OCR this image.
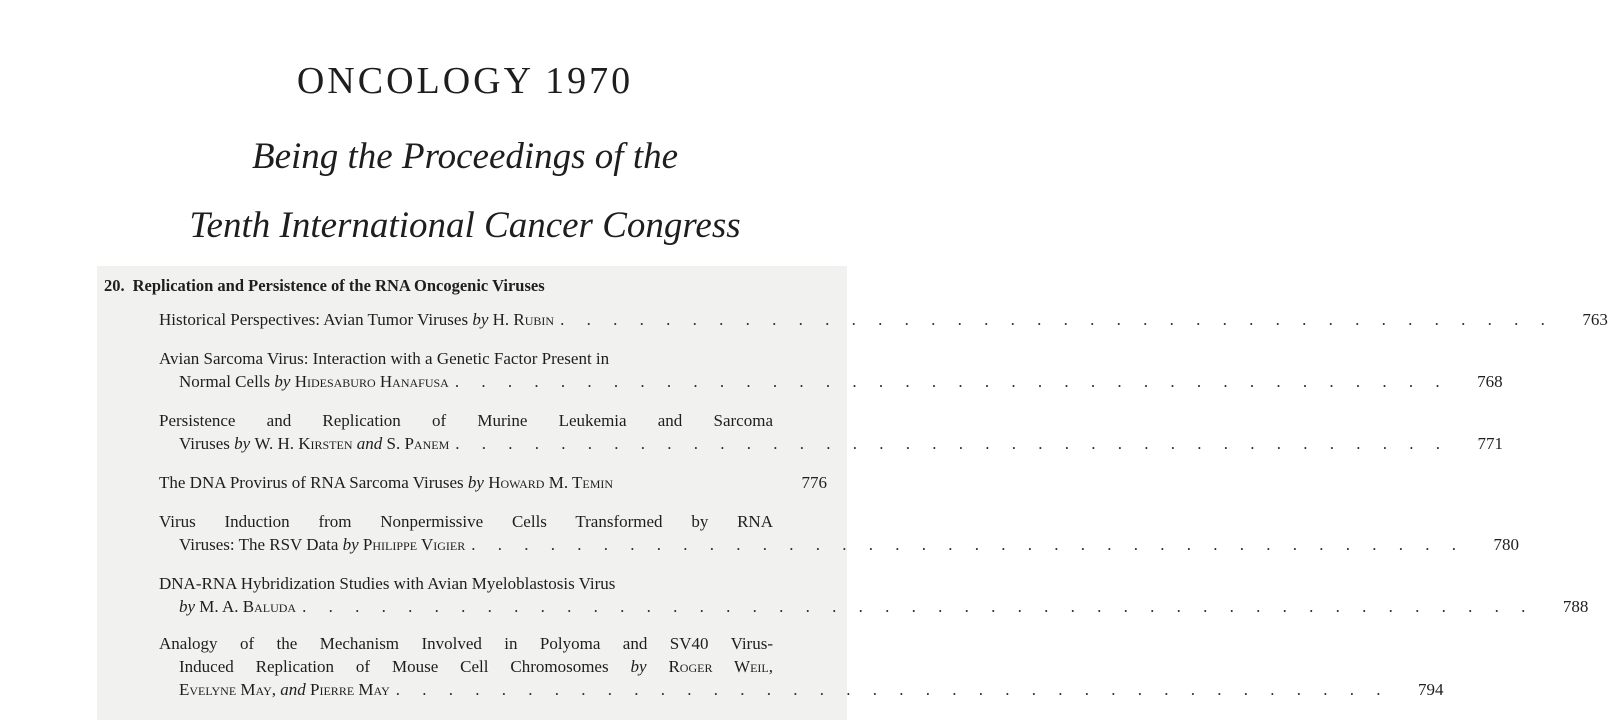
ONCOLOGY 1970
Being the Proceedings of the
Tenth International Cancer Congress
20. Replication and Persistence of the RNA Oncogenic Viruses
Historical Perspectives: Avian Tumor Viruses by H. Rubin . . . . . . . . . . . . . . . . . . . . . . . . . . . . . . . . . . . . . .	763
Avian Sarcoma Virus: Interaction with a Genetic Factor Present in
Normal Cells by Hidesaburo Hanafusa . . . . . . . . . . . . . . . . . . . . . . . . . . . . . . . . . . . . . .	768
Persistence and Replication of Murine Leukemia and Sarcoma
Viruses by W. H. Kirsten and S. Panem . . . . . . . . . . . . . . . . . . . . . . . . . . . . . . . . . . . . . .	771
The DNA Provirus of RNA Sarcoma Viruses by Howard M. Temin	776
Virus Induction from Nonpermissive Cells Transformed by RNA
Viruses: The RSV Data by Philippe Vigier . . . . . . . . . . . . . . . . . . . . . . . . . . . . . . . . . . . . . .	780
DNA-RNA Hybridization Studies with Avian Myeloblastosis Virus
by M. A. Baluda . . . . . . . . . . . . . . . . . . . . . . . . . . . . . . . . . . . . . . . . . . . . . . .	788
Analogy of the Mechanism Involved in Polyoma and SV40 Virus-
Induced Replication of Mouse Cell Chromosomes by Roger Weil,
Evelyne May, and Pierre May . . . . . . . . . . . . . . . . . . . . . . . . . . . . . . . . . . . . . .	794
